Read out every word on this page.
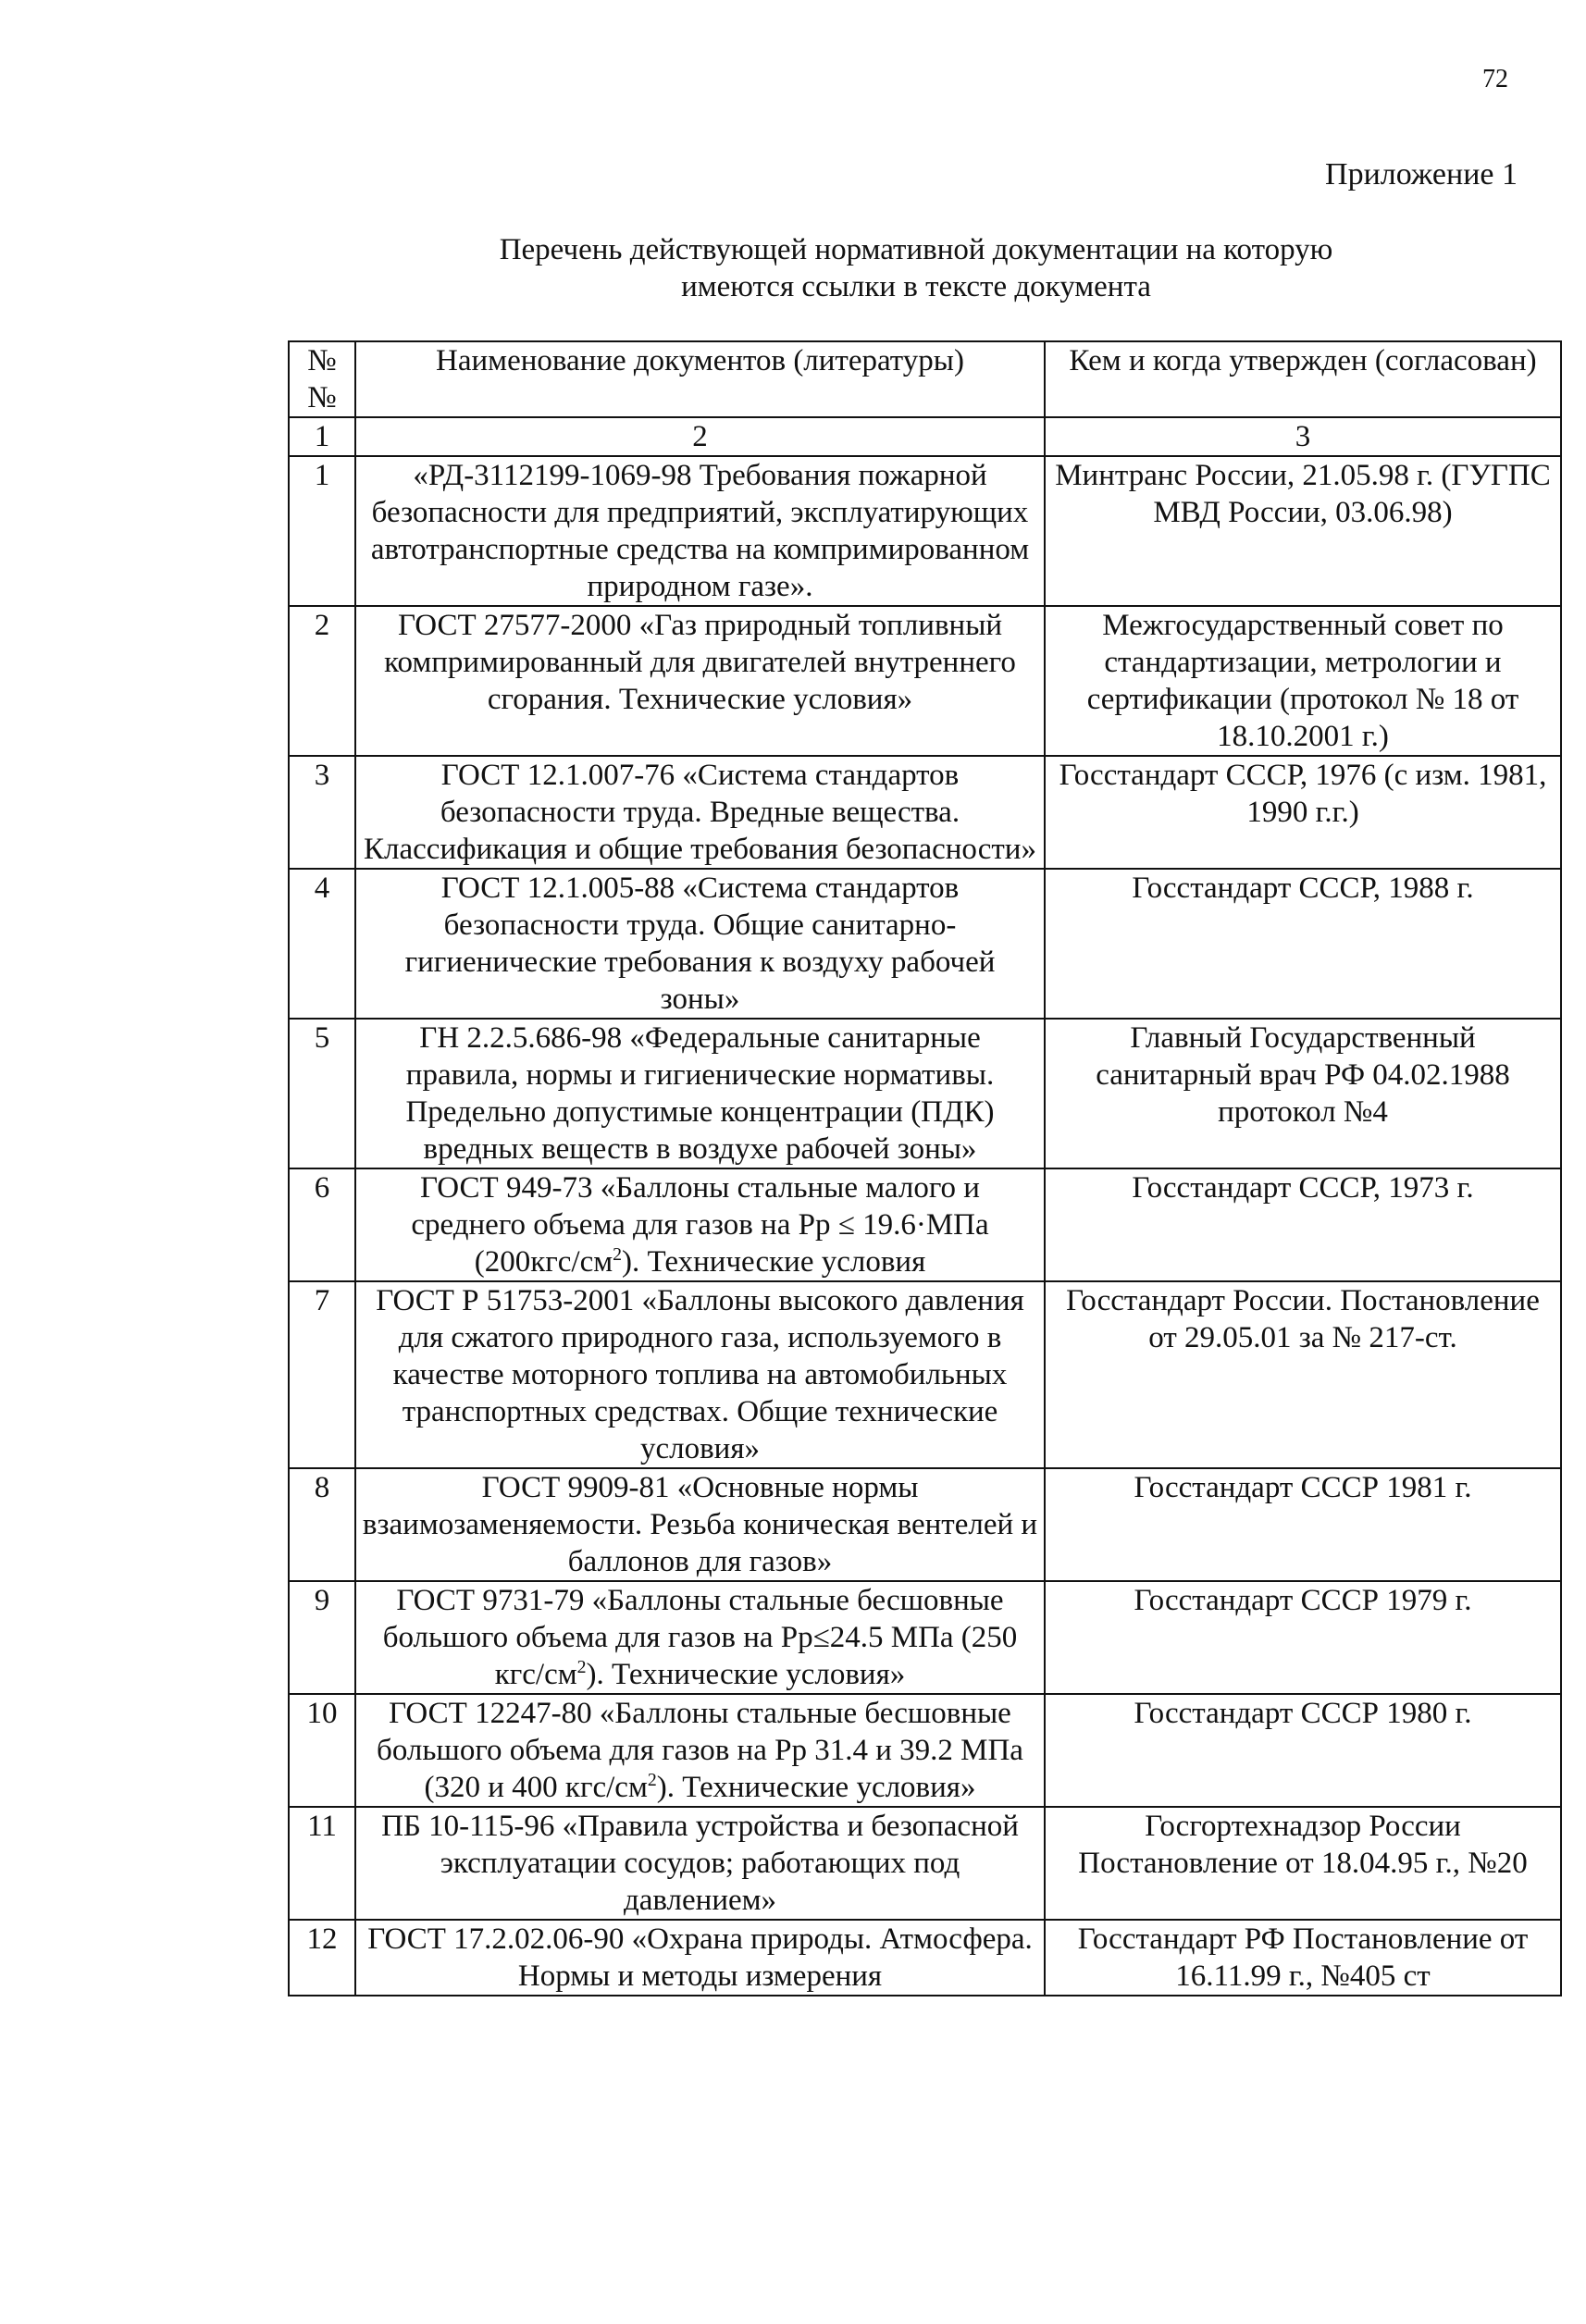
72
Приложение 1
Перечень действующей нормативной документации на которую
имеются ссылки в тексте документа
№№	Наименование документов (литературы)	Кем и когда утвержден (согласован)
1	2	3
1	«РД-3112199-1069-98 Требования пожарной безопасности для предприятий, эксплуатирующих автотранспортные средства на компримированном природном газе».	Минтранс России, 21.05.98 г. (ГУГПС МВД России, 03.06.98)
2	ГОСТ 27577-2000 «Газ природный топливный компримированный для двигателей внутреннего сгорания. Технические условия»	Межгосударственный совет по стандартизации, метрологии и сертификации (протокол № 18 от 18.10.2001 г.)
3	ГОСТ 12.1.007-76 «Система стандартов безопасности труда. Вредные вещества. Классификация и общие требования безопасности»	Госстандарт СССР, 1976 (с изм. 1981, 1990 г.г.)
4	ГОСТ 12.1.005-88 «Система стандартов безопасности труда. Общие санитарно-гигиенические требования к воздуху рабочей зоны»	Госстандарт СССР, 1988 г.
5	ГН 2.2.5.686-98 «Федеральные санитарные правила, нормы и гигиенические нормативы. Предельно допустимые концентрации (ПДК) вредных веществ в воздухе рабочей зоны»	Главный Государственный санитарный врач РФ 04.02.1988 протокол №4
6	ГОСТ 949-73 «Баллоны стальные малого и среднего объема для газов на Рр ≤ 19.6·МПа $(200кгс/см^2)$. Технические условия	Госстандарт СССР, 1973 г.
7	ГОСТ Р 51753-2001 «Баллоны высокого давления для сжатого природного газа, используемого в качестве моторного топлива на автомобильных транспортных средствах. Общие технические условия»	Госстандарт России. Постановление от 29.05.01 за № 217-ст.
8	ГОСТ 9909-81 «Основные нормы взаимозаменяемости. Резьба коническая вентелей и баллонов для газов»	Госстандарт СССР 1981 г.
9	ГОСТ 9731-79 «Баллоны стальные бесшовные большого объема для газов на Рр≤24.5 МПа (250 кгс/$см^2$). Технические условия»	Госстандарт СССР 1979 г.
10	ГОСТ 12247-80 «Баллоны стальные бесшовные большого объема для газов на Рр 31.4 и 39.2 МПа (320 и 400 кгс/$см^2$). Технические условия»	Госстандарт СССР 1980 г.
11	ПБ 10-115-96 «Правила устройства и безопасной эксплуатации сосудов; работающих под давлением»	Госгортехнадзор России Постановление от 18.04.95 г., №20
12	ГОСТ 17.2.02.06-90 «Охрана природы. Атмосфера. Нормы и методы измерения	Госстандарт РФ Постановление от 16.11.99 г., №405 ст
